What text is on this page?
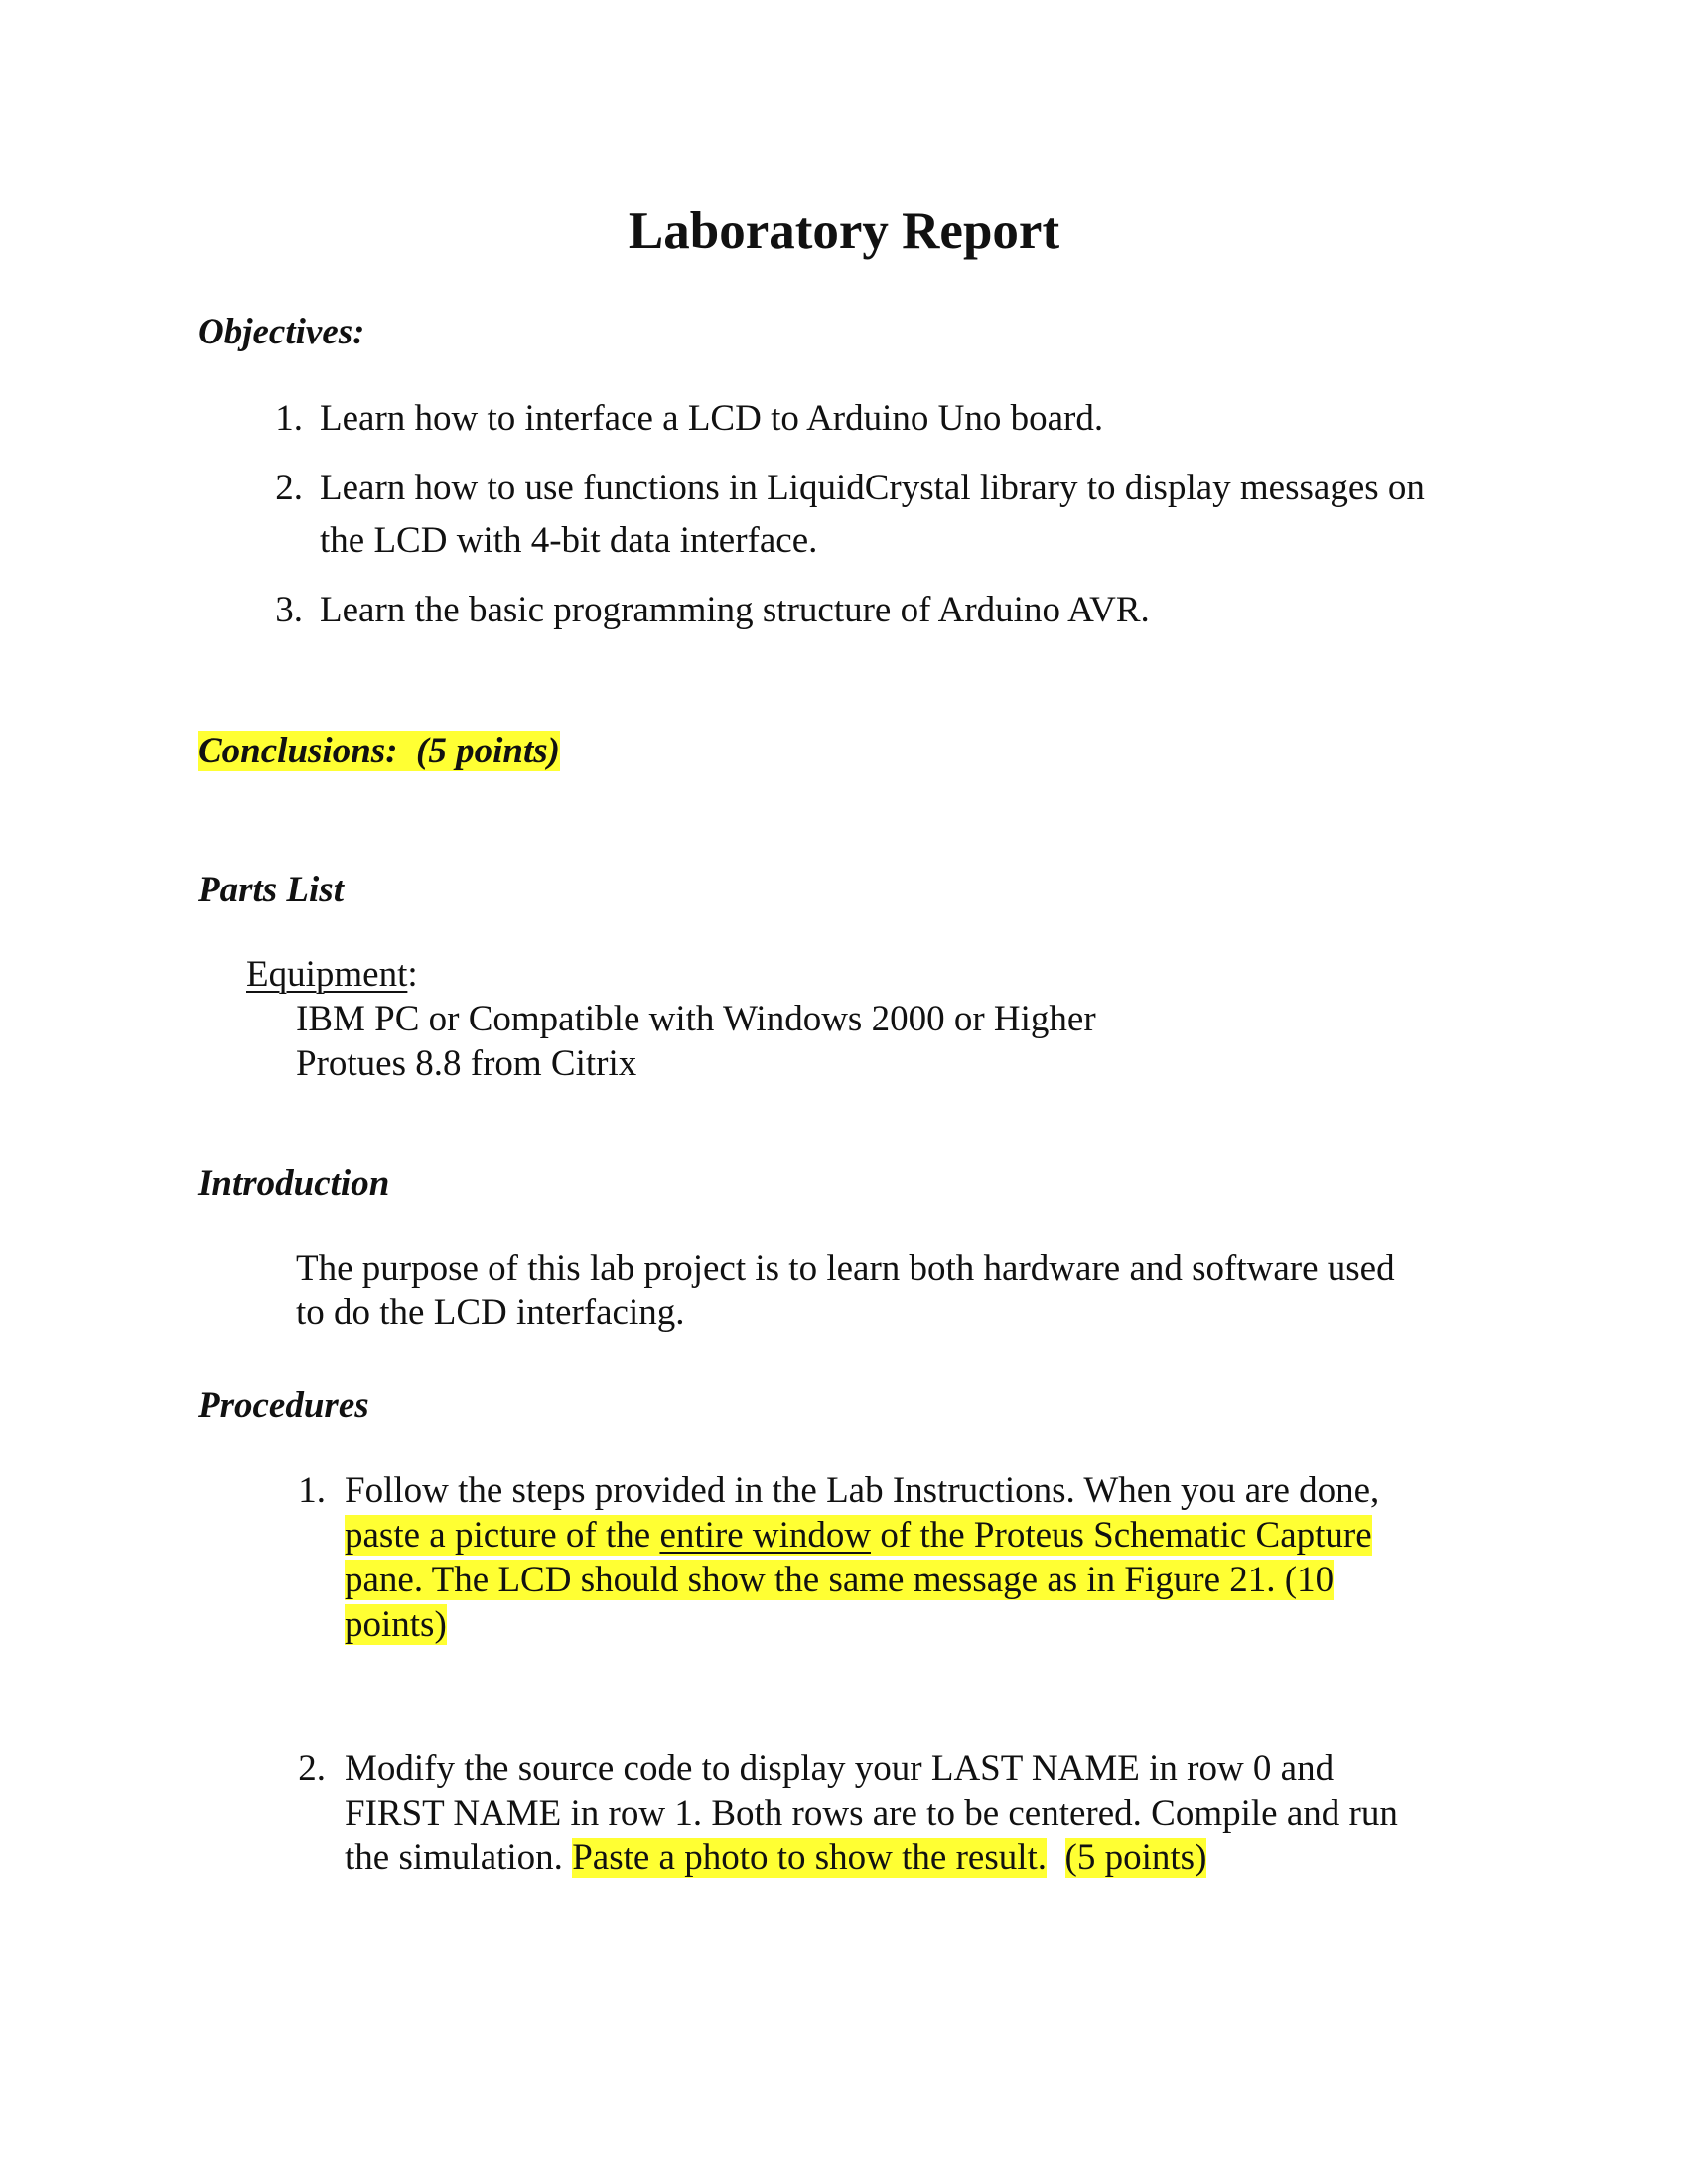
Laboratory Report
Objectives:
1. Learn how to interface a LCD to Arduino Uno board.
2. Learn how to use functions in LiquidCrystal library to display messages on
the LCD with 4-bit data interface.
3. Learn the basic programming structure of Arduino AVR.
Conclusions:  (5 points)
Parts List
Equipment:
IBM PC or Compatible with Windows 2000 or Higher
Protues 8.8 from Citrix
Introduction
The purpose of this lab project is to learn both hardware and software used
to do the LCD interfacing.
Procedures
1. Follow the steps provided in the Lab Instructions. When you are done,
paste a picture of the entire window of the Proteus Schematic Capture
pane. The LCD should show the same message as in Figure 21. (10
points)
2. Modify the source code to display your LAST NAME in row 0 and
FIRST NAME in row 1. Both rows are to be centered. Compile and run
the simulation. Paste a photo to show the result. (5 points)
